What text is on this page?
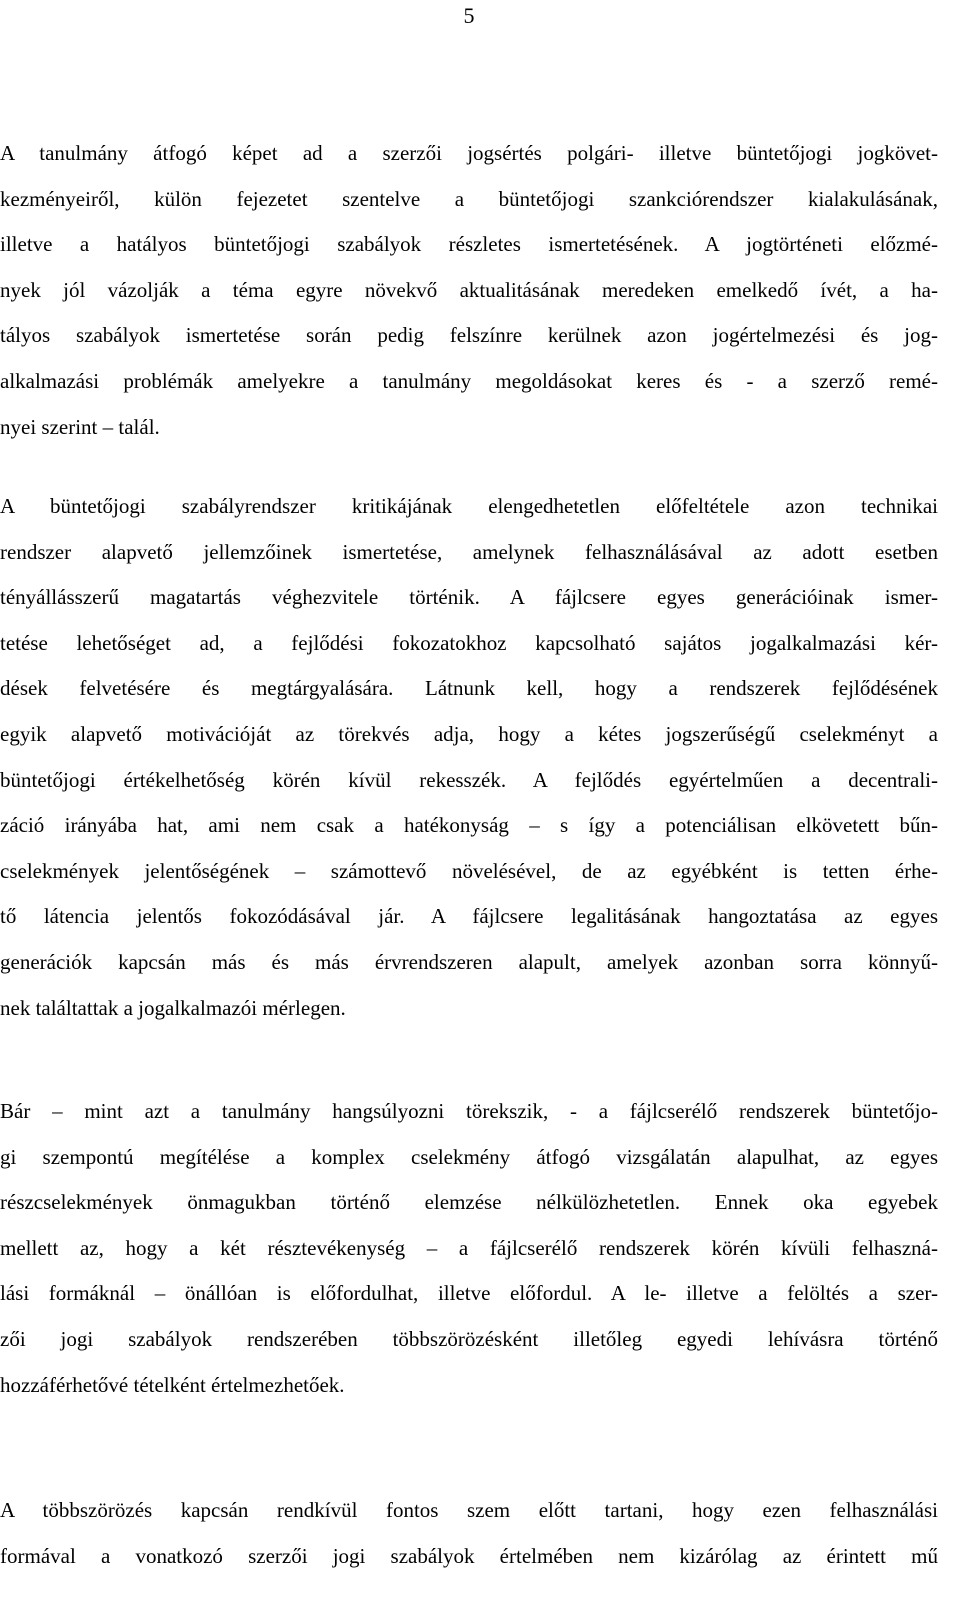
5

A tanulmány átfogó képet ad a szerzői jogsértés polgári- illetve büntetőjogi jogkövet-
kezményeiről, külön fejezetet szentelve a büntetőjogi szankciórendszer kialakulásának,
illetve a hatályos büntetőjogi szabályok részletes ismertetésének. A jogtörténeti előzmé-
nyek jól vázolják a téma egyre növekvő aktualitásának meredeken emelkedő ívét, a ha-
tályos szabályok ismertetése során pedig felszínre kerülnek azon jogértelmezési és jog-
alkalmazási problémák amelyekre a tanulmány megoldásokat keres és - a szerző remé-
nyei szerint – talál.

A büntetőjogi szabályrendszer kritikájának elengedhetetlen előfeltétele azon technikai
rendszer alapvető jellemzőinek ismertetése, amelynek felhasználásával az adott esetben
tényállásszerű magatartás véghezvitele történik. A fájlcsere egyes generációinak ismer-
tetése lehetőséget ad, a fejlődési fokozatokhoz kapcsolható sajátos jogalkalmazási kér-
dések felvetésére és megtárgyalására. Látnunk kell, hogy a rendszerek fejlődésének
egyik alapvető motivációját az törekvés adja, hogy a kétes jogszerűségű cselekményt a
büntetőjogi értékelhetőség körén kívül rekesszék. A fejlődés egyértelműen a decentrali-
záció irányába hat, ami nem csak a hatékonyság – s így a potenciálisan elkövetett bűn-
cselekmények jelentőségének – számottevő növelésével, de az egyébként is tetten érhe-
tő látencia jelentős fokozódásával jár. A fájlcsere legalitásának hangoztatása az egyes
generációk kapcsán más és más érvrendszeren alapult, amelyek azonban sorra könnyű-
nek találtattak a jogalkalmazói mérlegen.

Bár – mint azt a tanulmány hangsúlyozni törekszik, - a fájlcserélő rendszerek büntetőjo-
gi szempontú megítélése a komplex cselekmény átfogó vizsgálatán alapulhat, az egyes
részcselekmények önmagukban történő elemzése nélkülözhetetlen. Ennek oka egyebek
mellett az, hogy a két résztevékenység – a fájlcserélő rendszerek körén kívüli felhaszná-
lási formáknál – önállóan is előfordulhat, illetve előfordul. A le- illetve a felöltés a szer-
zői jogi szabályok rendszerében többszörözésként illetőleg egyedi lehívásra történő
hozzáférhetővé tételként értelmezhetőek.

A többszörözés kapcsán rendkívül fontos szem előtt tartani, hogy ezen felhasználási
formával a vonatkozó szerzői jogi szabályok értelmében nem kizárólag az érintett mű
